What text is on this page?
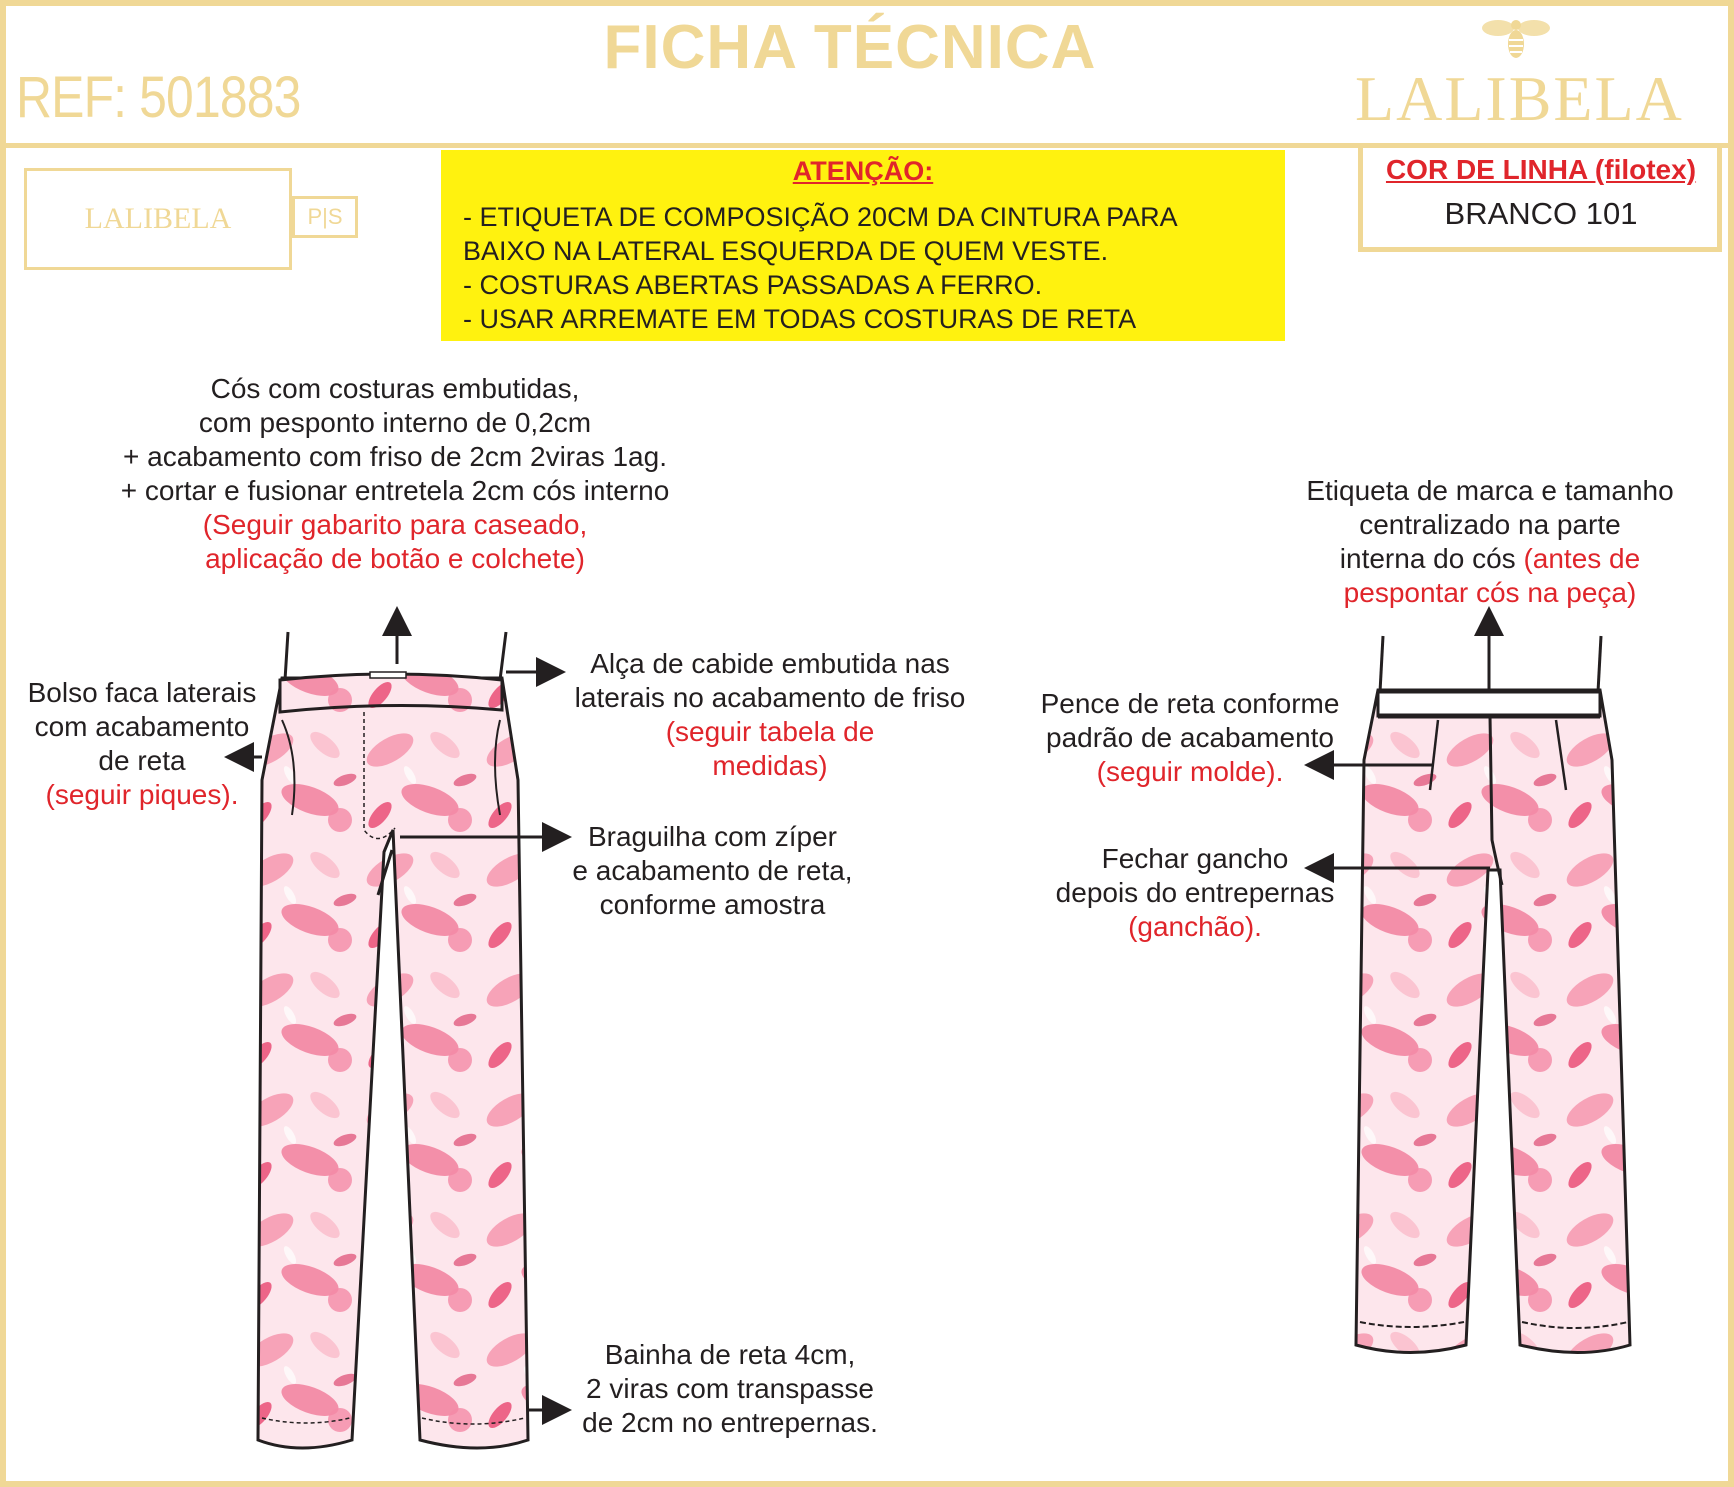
REF: 501883
FICHA TÉCNICA
LALIBELA
LALIBELA	P|S
ATENÇÃO:
- ETIQUETA DE COMPOSIÇÃO 20CM DA CINTURA PARA
BAIXO NA LATERAL ESQUERDA DE QUEM VESTE.
- COSTURAS ABERTAS PASSADAS A FERRO.
- USAR ARREMATE EM TODAS COSTURAS DE RETA
COR DE LINHA (filotex)
BRANCO 101
Cós com costuras embutidas,
com pesponto interno de 0,2cm
+ acabamento com friso de 2cm 2viras 1ag.
+ cortar e fusionar entretela 2cm cós interno
(Seguir gabarito para caseado,
aplicação de botão e colchete)
Bolso faca laterais
com acabamento
de reta
(seguir piques).
Alça de cabide embutida nas
laterais no acabamento de friso
(seguir tabela de
medidas)
Braguilha com zíper
e acabamento de reta,
conforme amostra
Bainha de reta 4cm,
2 viras com transpasse
de 2cm no entrepernas.
Etiqueta de marca e tamanho
centralizado na parte
interna do cós (antes de
pespontar cós na peça)
Pence de reta conforme
padrão de acabamento
(seguir molde).
Fechar gancho
depois do entrepernas
(ganchão).
